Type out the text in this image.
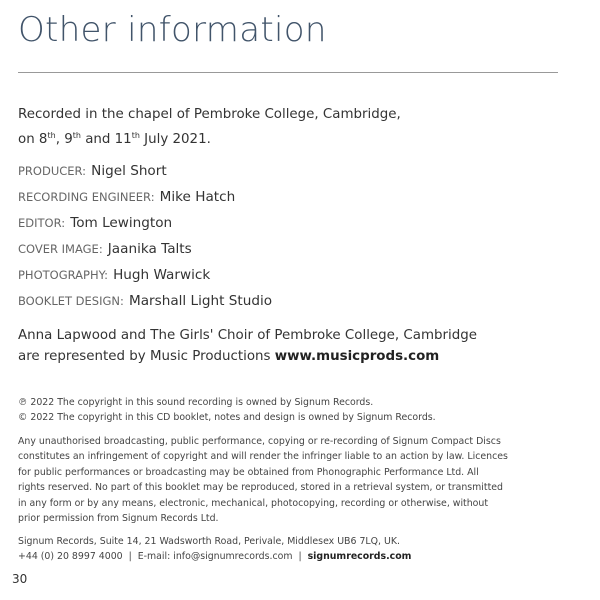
Other information
Recorded in the chapel of Pembroke College, Cambridge,
on 8th, 9th and 11th July 2021.
PRODUCER: Nigel Short
RECORDING ENGINEER: Mike Hatch
EDITOR: Tom Lewington
COVER IMAGE: Jaanika Talts
PHOTOGRAPHY: Hugh Warwick
BOOKLET DESIGN: Marshall Light Studio
Anna Lapwood and The Girls' Choir of Pembroke College, Cambridge
are represented by Music Productions www.musicprods.com
℗ 2022 The copyright in this sound recording is owned by Signum Records.
© 2022 The copyright in this CD booklet, notes and design is owned by Signum Records.
Any unauthorised broadcasting, public performance, copying or re-recording of Signum Compact Discs
constitutes an infringement of copyright and will render the infringer liable to an action by law. Licences
for public performances or broadcasting may be obtained from Phonographic Performance Ltd. All
rights reserved. No part of this booklet may be reproduced, stored in a retrieval system, or transmitted
in any form or by any means, electronic, mechanical, photocopying, recording or otherwise, without
prior permission from Signum Records Ltd.
Signum Records, Suite 14, 21 Wadsworth Road, Perivale, Middlesex UB6 7LQ, UK.
+44 (0) 20 8997 4000  |  E-mail: info@signumrecords.com  |  signumrecords.com
30
